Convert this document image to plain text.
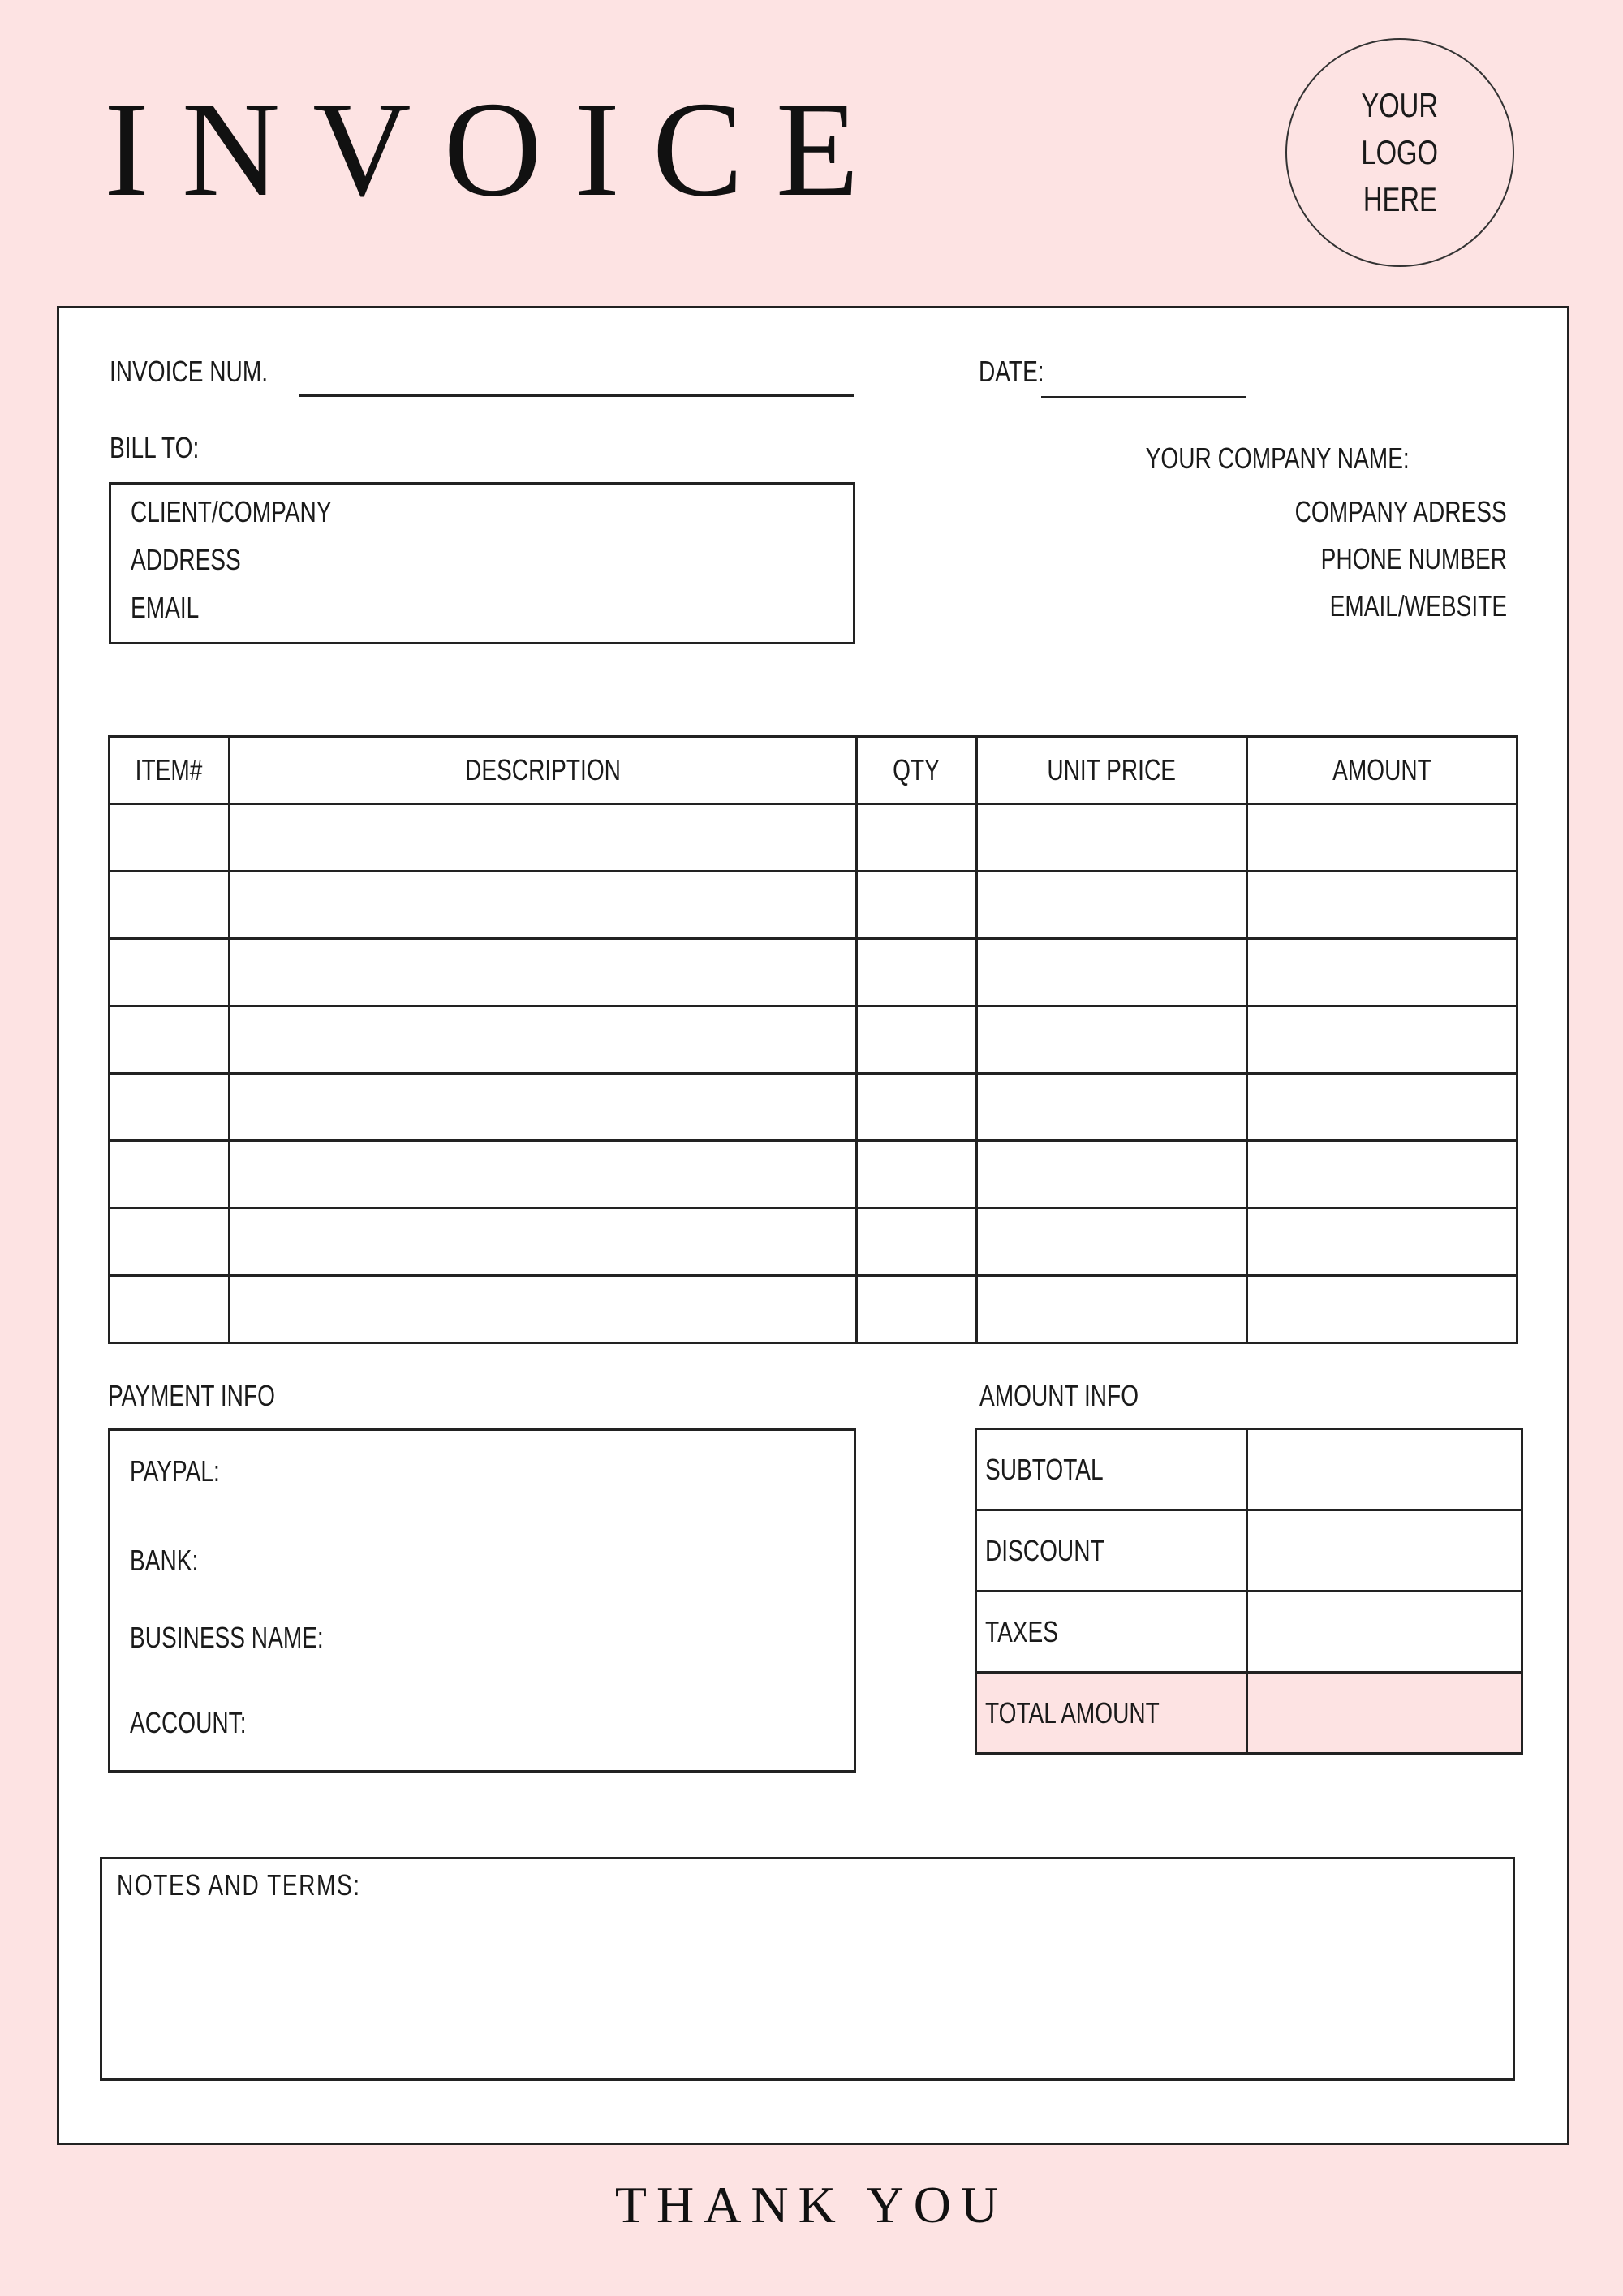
INVOICE	YOUR
LOGO
HERE
INVOICE NUM.	DATE:
BILL TO:
CLIENT/COMPANY
ADDRESS
EMAIL
YOUR COMPANY NAME:
COMPANY ADRESS
PHONE NUMBER
EMAIL/WEBSITE
ITEM#	DESCRIPTION	QTY	UNIT PRICE	AMOUNT

PAYMENT INFO
PAYPAL:
BANK:
BUSINESS NAME:
ACCOUNT:
AMOUNT INFO
SUBTOTAL	
DISCOUNT	
TAXES	
TOTAL AMOUNT	
NOTES AND TERMS:
THANK YOU
